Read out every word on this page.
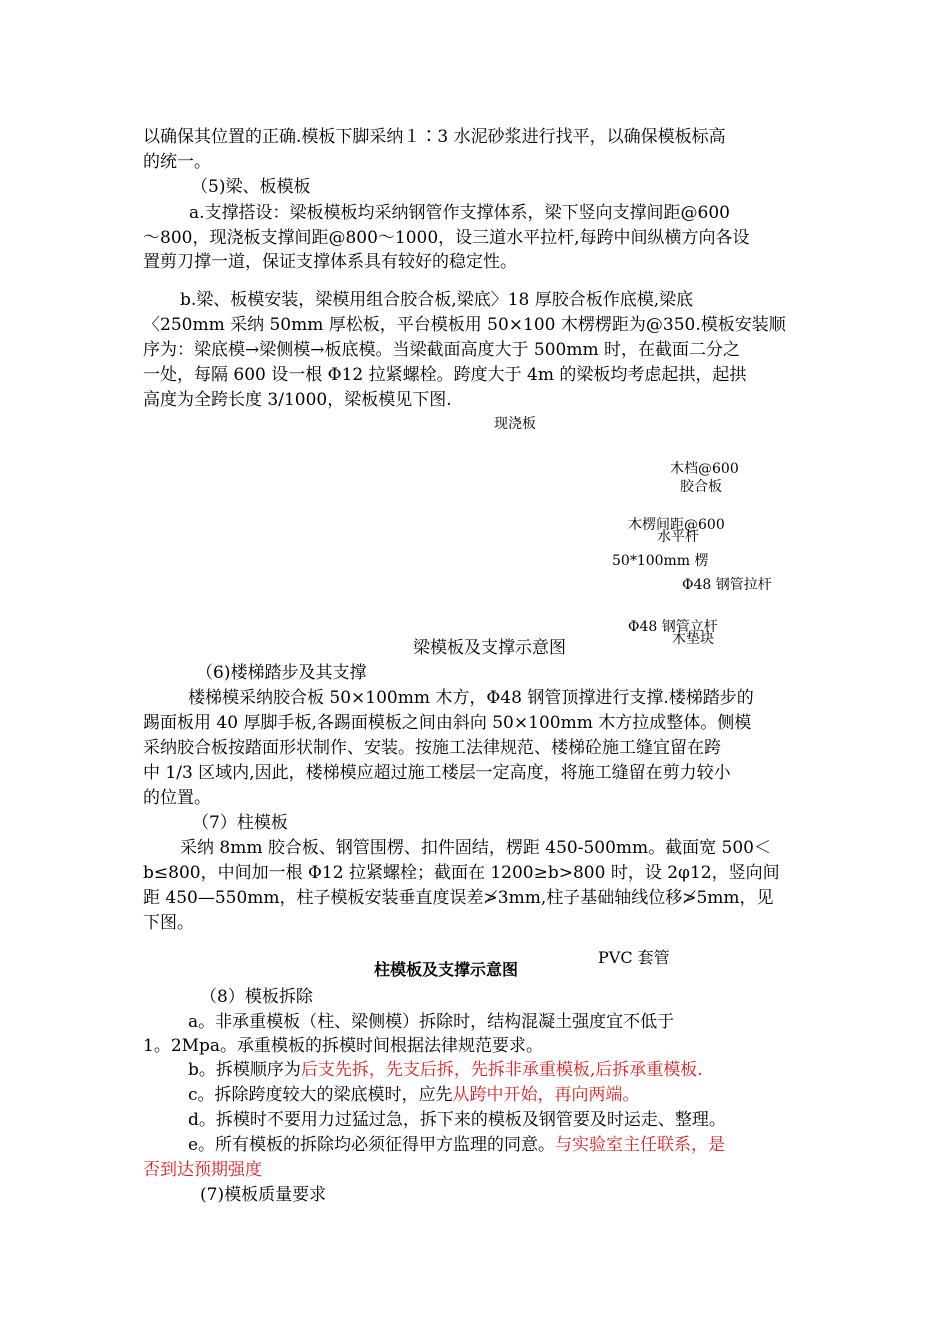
以确保其位置的正确.模板下脚采纳１∶3 水泥砂浆进行找平，以确保模板标高
的统一。
（5)梁、板模板
a.支撑搭设：梁板模板均采纳钢管作支撑体系，梁下竖向支撑间距@600
～800，现浇板支撑间距@800～1000，设三道水平拉杆,每跨中间纵横方向各设
置剪刀撑一道，保证支撑体系具有较好的稳定性。
b.梁、板模安装，梁模用组合胶合板,梁底〉18 厚胶合板作底模,梁底
〈250mm 采纳 50mm 厚松板，平台模板用 50×100 木楞楞距为@350.模板安装顺
序为：梁底模→梁侧模→板底模。当梁截面高度大于 500mm 时，在截面二分之
一处，每隔 600 设一根 Φ12 拉紧螺栓。跨度大于 4m 的梁板均考虑起拱，起拱
高度为全跨长度 3/1000，梁板模见下图.
现浇板
木档@600
胶合板
木楞间距@600
水平杆
50*100mm 楞
Φ48 钢管拉杆
Φ48 钢管立杆
木垫块
梁模板及支撑示意图
（6)楼梯踏步及其支撑
楼梯模采纳胶合板 50×100mm 木方，Φ48 钢管顶撑进行支撑.楼梯踏步的
踢面板用 40 厚脚手板,各踢面模板之间由斜向 50×100mm 木方拉成整体。侧模
采纳胶合板按踏面形状制作、安装。按施工法律规范、楼梯砼施工缝宜留在跨
中 1/3 区域内,因此，楼梯模应超过施工楼层一定高度，将施工缝留在剪力较小
的位置。
（7）柱模板
采纳 8mm 胶合板、钢管围楞、扣件固结，楞距 450-500mm。截面宽 500＜
b≤800，中间加一根 Φ12 拉紧螺栓；截面在 1200≥b>800 时，设 2φ12，竖向间
距 450—550mm，柱子模板安装垂直度误差≯3mm,柱子基础轴线位移≯5mm，见
下图。
PVC 套管
柱模板及支撑示意图
（8）模板拆除
a。非承重模板（柱、梁侧模）拆除时，结构混凝土强度宜不低于
1。2Mpa。承重模板的拆模时间根据法律规范要求。
b。拆模顺序为后支先拆，先支后拆，先拆非承重模板,后拆承重模板.
c。拆除跨度较大的梁底模时，应先从跨中开始，再向两端。
d。拆模时不要用力过猛过急，拆下来的模板及钢管要及时运走、整理。
e。所有模板的拆除均必须征得甲方监理的同意。与实验室主任联系，是
否到达预期强度
(7)模板质量要求
